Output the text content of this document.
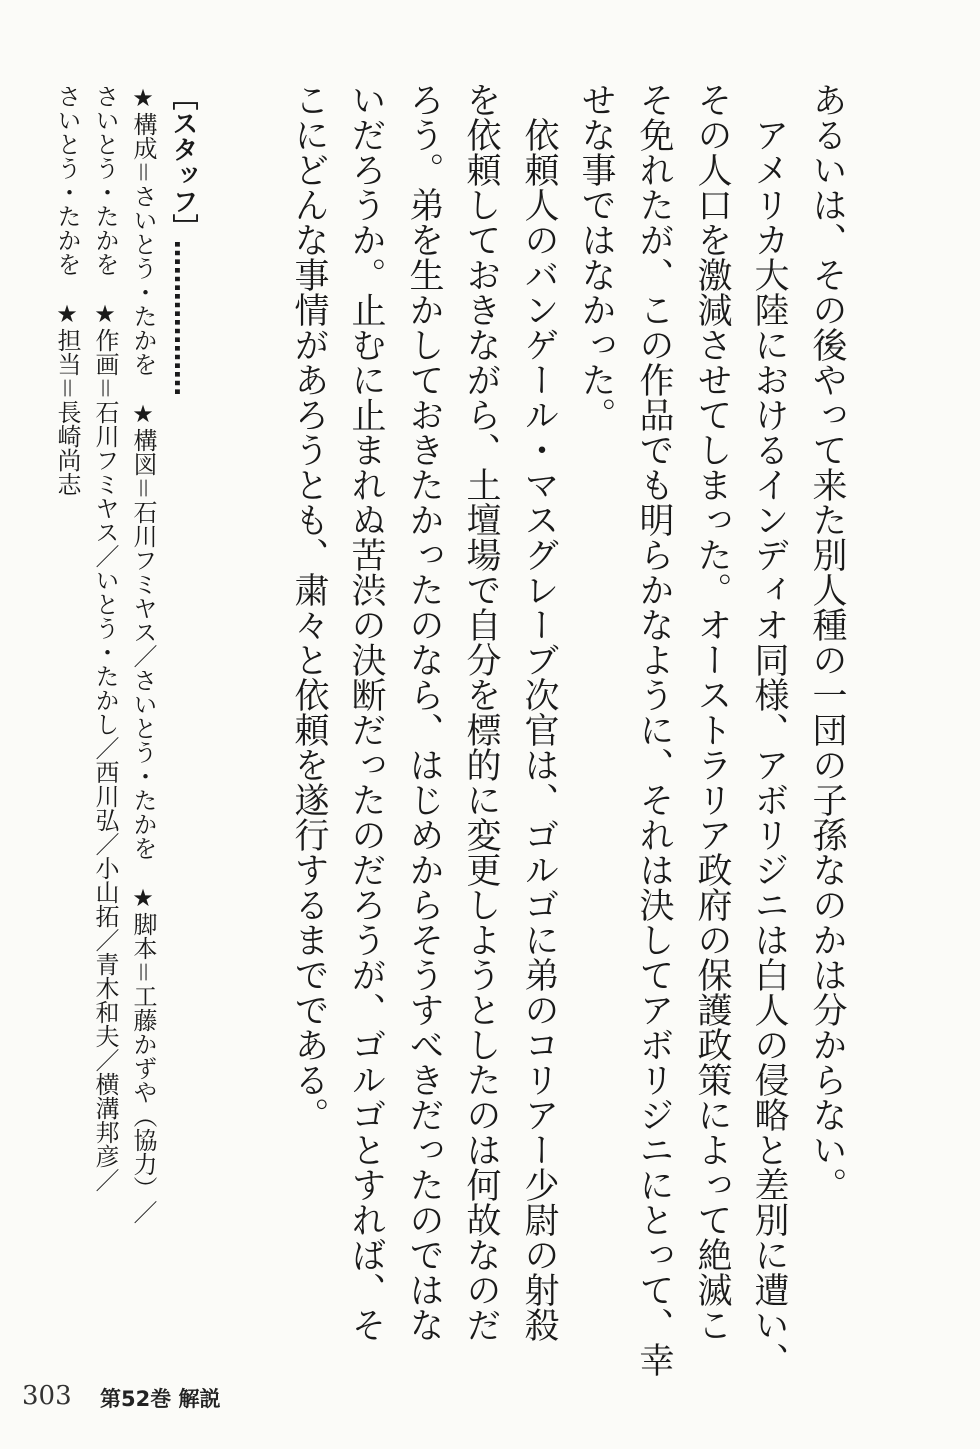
あるいは、その後やって来た別人種の一団の子孫なのかは分からない。
アメリカ大陸におけるインディオ同様、アボリジニは白人の侵略と差別に遭い、
その人口を激減させてしまった。オーストラリア政府の保護政策によって絶滅こ
そ免れたが、この作品でも明らかなように、それは決してアボリジニにとって、幸
せな事ではなかった。
依頼人のバンゲール・マスグレーブ次官は、ゴルゴに弟のコリアー少尉の射殺
を依頼しておきながら、土壇場で自分を標的に変更しようとしたのは何故なのだ
ろう。弟を生かしておきたかったのなら、はじめからそうすべきだったのではな
いだろうか。止むに止まれぬ苦渋の決断だったのだろうが、ゴルゴとすれば、そ
こにどんな事情があろうとも、粛々と依頼を遂行するまでである。
［スタッフ］………………
★構成＝さいとう・たかを　★構図＝石川フミヤス／さいとう・たかを　★脚本＝工藤かずや（協力）／
さいとう・たかを　★作画＝石川フミヤス／いとう・たかし／西川弘／小山拓／青木和夫／横溝邦彦／
さいとう・たかを　★担当＝長崎尚志
303 第52巻 解説
